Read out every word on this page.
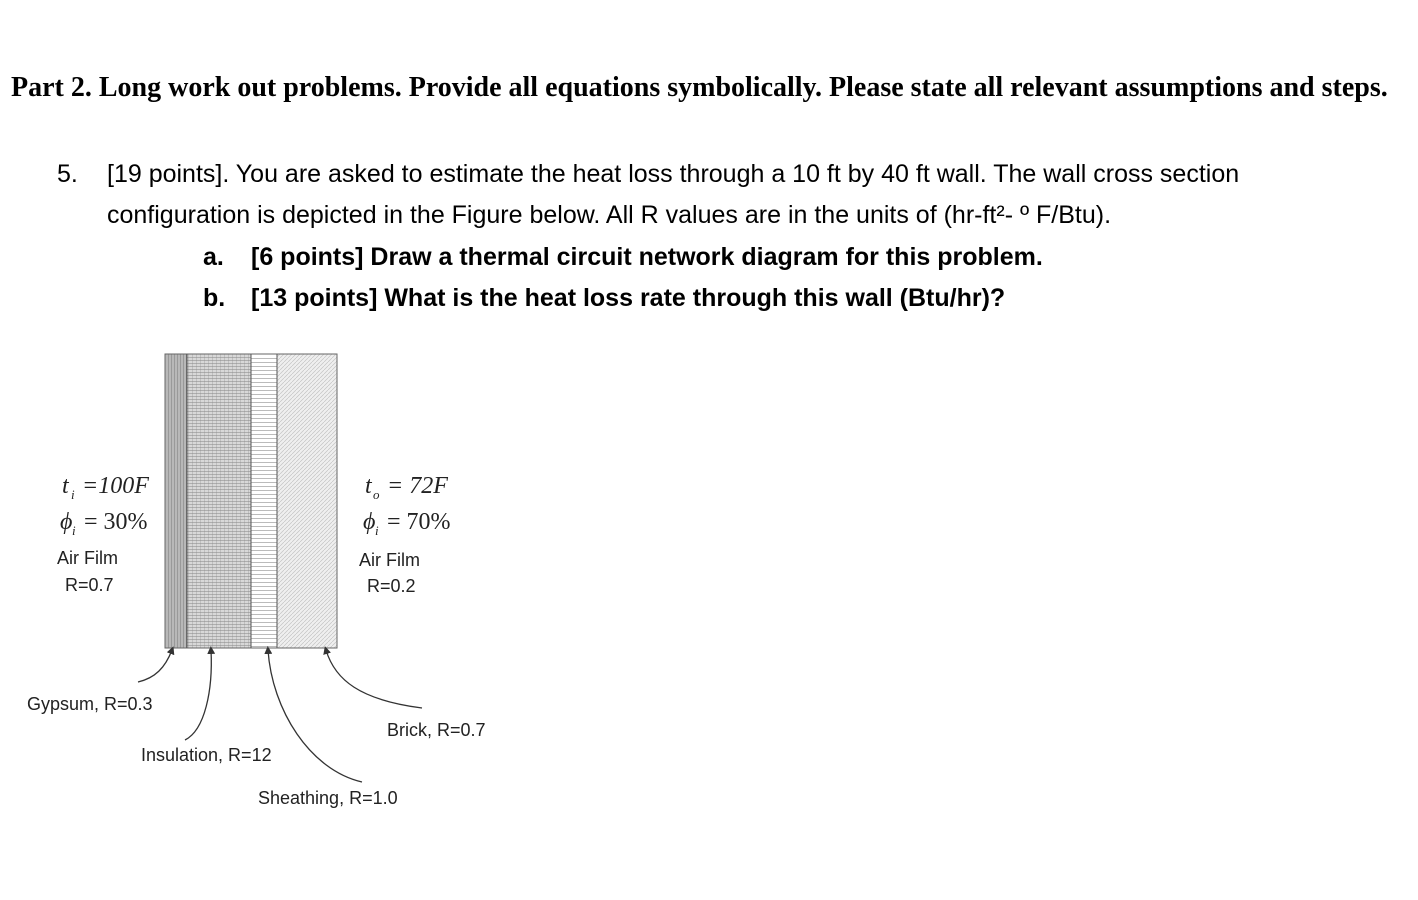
Part 2. Long work out problems. Provide all equations symbolically. Please state all relevant assumptions and steps.
5. [19 points]. You are asked to estimate the heat loss through a 10 ft by 40 ft wall. The wall cross section
configuration is depicted in the Figure below. All R values are in the units of (hr-ft²- º F/Btu).
a. [6 points] Draw a thermal circuit network diagram for this problem.
b. [13 points] What is the heat loss rate through this wall (Btu/hr)?
t i =100F
ϕ i = 30%
Air Film
R=0.7
t o = 72F
ϕ i = 70%
Air Film
R=0.2
Gypsum, R=0.3
Insulation, R=12
Sheathing, R=1.0
Brick, R=0.7
